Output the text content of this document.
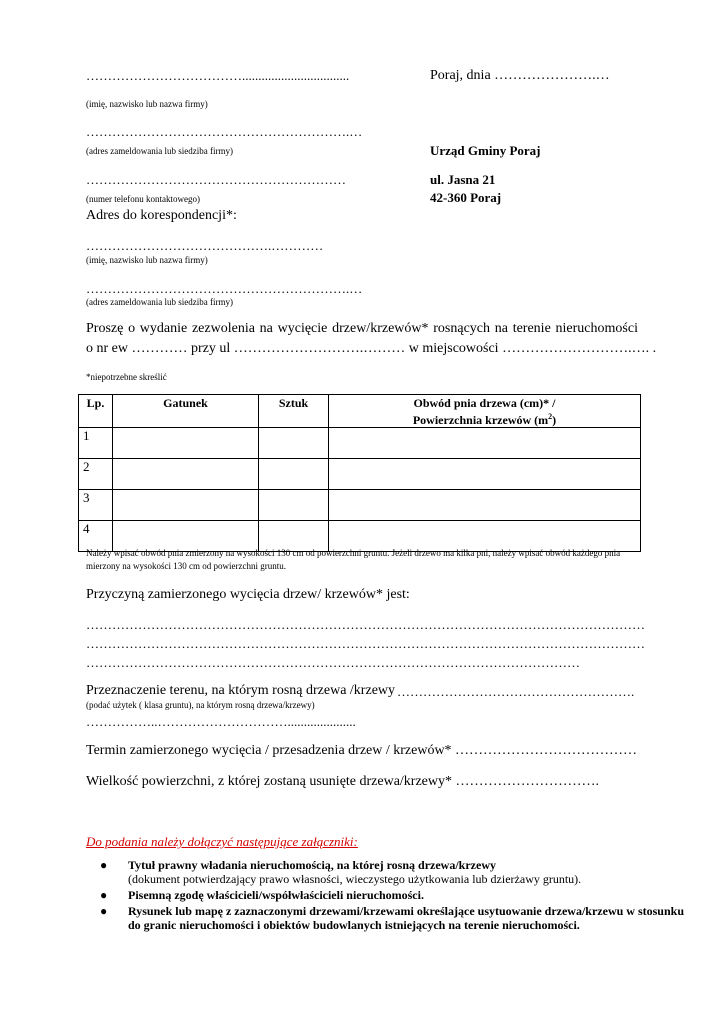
……………………………….................................
(imię, nazwisko lub nazwa firmy)
…………………………………………………….…
(adres zameldowania lub siedziba firmy)
……………………………………………………
(numer telefonu kontaktowego)
Poraj, dnia ………………….…
Urząd Gminy Poraj
ul. Jasna 21
42-360 Poraj
Adres do korespondencji*:
…………………………………….…………
(imię, nazwisko lub nazwa firmy)
…………………………………………………….…
(adres zameldowania lub siedziba firmy)
Proszę o wydanie zezwolenia na wycięcie drzew/krzewów* rosnących na terenie nieruchomości
o nr ew ………… przy ul ……………………….……… w miejscowości ……………………….…. .
*niepotrzebne skreślić
Lp.	Gatunek	Sztuk	Obwód pnia drzewa (cm)* /
Powierzchnia krzewów $(m^2)$
1			
2			
3			
4			
Należy wpisać obwód pnia zmierzony na wysokości 130 cm od powierzchni gruntu. Jeżeli drzewo ma kilka pni, należy wpisać obwód każdego pnia
mierzony na wysokości 130 cm od powierzchni gruntu.
Przyczyną zamierzonego wycięcia drzew/ krzewów* jest:
…………………………………………………………………………………………………………………
…………………………………………………………………………………………………………………
……………………………………………………………………………………………………
Przeznaczenie terenu, na którym rosną drzewa /krzewy ……………………………………………….
(podać użytek ( klasa gruntu), na którym rosną drzewa/krzewy)
……………..………………………….....................
Termin zamierzonego wycięcia / przesadzenia drzew / krzewów* …………………………………
Wielkość powierzchni, z której zostaną usunięte drzewa/krzewy* ………………………….
Do podania należy dołączyć następujące załączniki:
● Tytuł prawny władania nieruchomością, na której rosną drzewa/krzewy
(dokument potwierdzający prawo własności, wieczystego użytkowania lub dzierżawy gruntu).
● Pisemną zgodę właścicieli/współwłaścicieli nieruchomości.
● Rysunek lub mapę z zaznaczonymi drzewami/krzewami określające usytuowanie drzewa/krzewu w stosunku do granic nieruchomości i obiektów budowlanych istniejących na terenie nieruchomości.
